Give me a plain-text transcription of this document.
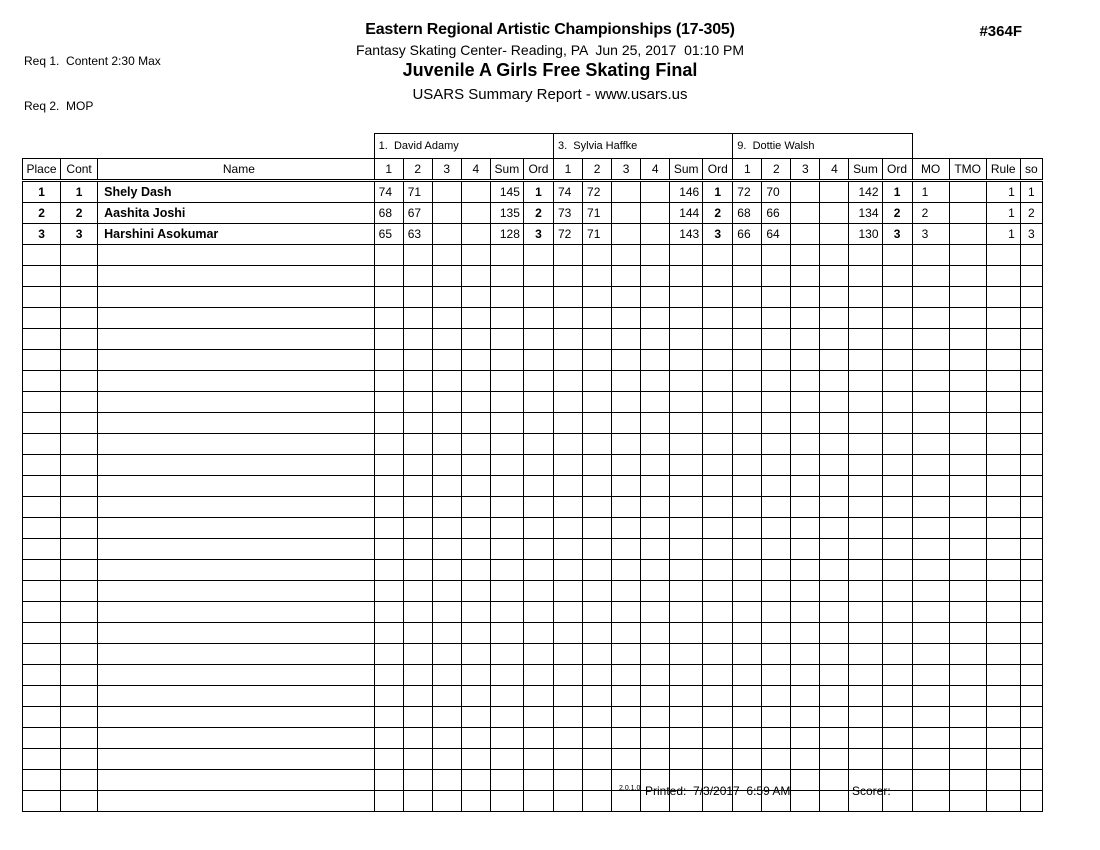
Req 1.  Content 2:30 Max

Req 2.  MOP

#364F
Eastern Regional Artistic Championships (17-305)
Fantasy Skating Center- Reading, PA  Jun 25, 2017  01:10 PM
Juvenile A Girls Free Skating Final
USARS Summary Report - www.usars.us
			1.  David Adamy						3.  Sylvia Haffke						9.  Dottie Walsh									
Place	Cont	Name	1	2	3	4	Sum	Ord	1	2	3	4	Sum	Ord	1	2	3	4	Sum	Ord	MO	TMO	Rule	so
1	1	Shely Dash	74	71			145	1	74	72			146	1	72	70			142	1	1		1	1
2	2	Aashita Joshi	68	67			135	2	73	71			144	2	68	66			134	2	2		1	2
3	3	Harshini Asokumar	65	63			128	3	72	71			143	3	66	64			130	3	3		1	3

2.0.1.0 Printed:  7/3/2017  6:59 AM	Scorer:
